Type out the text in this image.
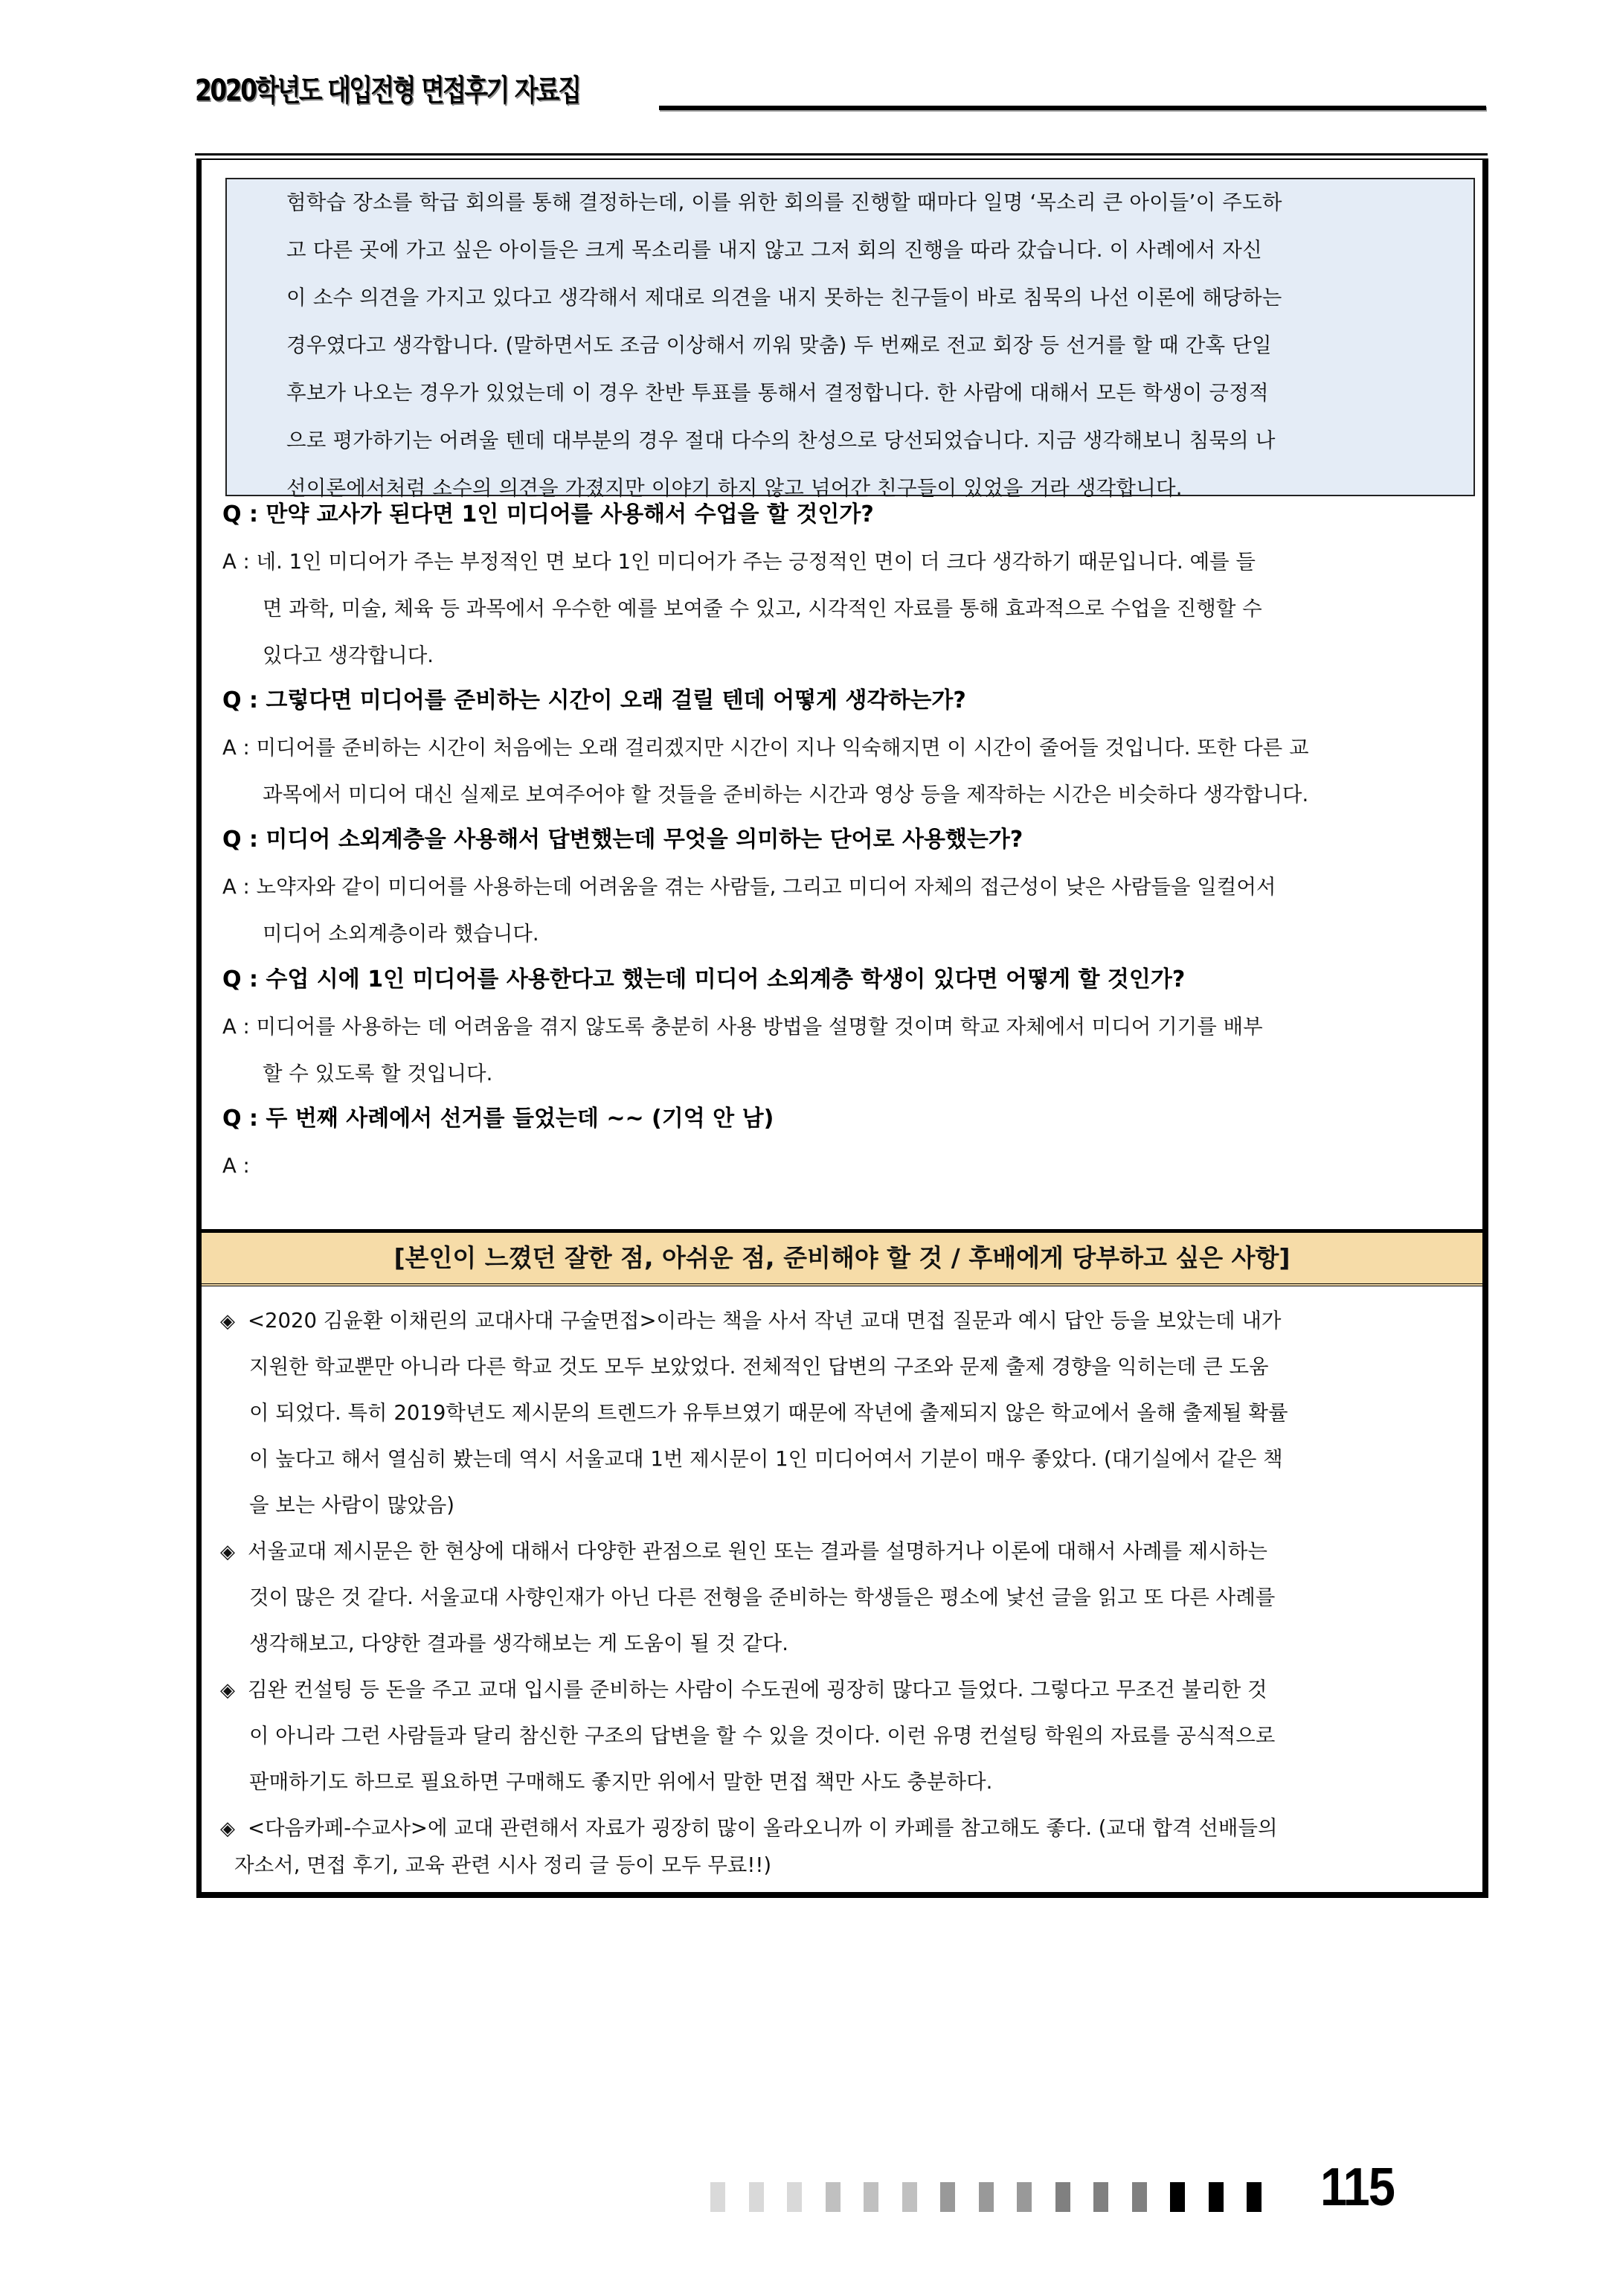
2020학년도 대입전형 면접후기 자료집
험학습 장소를 학급 회의를 통해 결정하는데, 이를 위한 회의를 진행할 때마다 일명 ‘목소리 큰 아이들’이 주도하
고 다른 곳에 가고 싶은 아이들은 크게 목소리를 내지 않고 그저 회의 진행을 따라 갔습니다. 이 사례에서 자신
이 소수 의견을 가지고 있다고 생각해서 제대로 의견을 내지 못하는 친구들이 바로 침묵의 나선 이론에 해당하는
경우였다고 생각합니다. (말하면서도 조금 이상해서 끼워 맞춤) 두 번째로 전교 회장 등 선거를 할 때 간혹 단일
후보가 나오는 경우가 있었는데 이 경우 찬반 투표를 통해서 결정합니다. 한 사람에 대해서 모든 학생이 긍정적
으로 평가하기는 어려울 텐데 대부분의 경우 절대 다수의 찬성으로 당선되었습니다. 지금 생각해보니 침묵의 나
선이론에서처럼 소수의 의견을 가졌지만 이야기 하지 않고 넘어간 친구들이 있었을 거라 생각합니다.
Q : 만약 교사가 된다면 1인 미디어를 사용해서 수업을 할 것인가?
A : 네. 1인 미디어가 주는 부정적인 면 보다 1인 미디어가 주는 긍정적인 면이 더 크다 생각하기 때문입니다. 예를 들
면 과학, 미술, 체육 등 과목에서 우수한 예를 보여줄 수 있고, 시각적인 자료를 통해 효과적으로 수업을 진행할 수
있다고 생각합니다.
Q : 그렇다면 미디어를 준비하는 시간이 오래 걸릴 텐데 어떻게 생각하는가?
A : 미디어를 준비하는 시간이 처음에는 오래 걸리겠지만 시간이 지나 익숙해지면 이 시간이 줄어들 것입니다. 또한 다른 교
과목에서 미디어 대신 실제로 보여주어야 할 것들을 준비하는 시간과 영상 등을 제작하는 시간은 비슷하다 생각합니다.
Q : 미디어 소외계층을 사용해서 답변했는데 무엇을 의미하는 단어로 사용했는가?
A : 노약자와 같이 미디어를 사용하는데 어려움을 겪는 사람들, 그리고 미디어 자체의 접근성이 낮은 사람들을 일컬어서
미디어 소외계층이라 했습니다.
Q : 수업 시에 1인 미디어를 사용한다고 했는데 미디어 소외계층 학생이 있다면 어떻게 할 것인가?
A : 미디어를 사용하는 데 어려움을 겪지 않도록 충분히 사용 방법을 설명할 것이며 학교 자체에서 미디어 기기를 배부
할 수 있도록 할 것입니다.
Q : 두 번째 사례에서 선거를 들었는데 ~~ (기억 안 남)
A :
[본인이 느꼈던 잘한 점, 아쉬운 점, 준비해야 할 것 / 후배에게 당부하고 싶은 사항]
◈ <2020 김윤환 이채린의 교대사대 구술면접>이라는 책을 사서 작년 교대 면접 질문과 예시 답안 등을 보았는데 내가
지원한 학교뿐만 아니라 다른 학교 것도 모두 보았었다. 전체적인 답변의 구조와 문제 출제 경향을 익히는데 큰 도움
이 되었다. 특히 2019학년도 제시문의 트렌드가 유투브였기 때문에 작년에 출제되지 않은 학교에서 올해 출제될 확률
이 높다고 해서 열심히 봤는데 역시 서울교대 1번 제시문이 1인 미디어여서 기분이 매우 좋았다. (대기실에서 같은 책
을 보는 사람이 많았음)
◈ 서울교대 제시문은 한 현상에 대해서 다양한 관점으로 원인 또는 결과를 설명하거나 이론에 대해서 사례를 제시하는
것이 많은 것 같다. 서울교대 사향인재가 아닌 다른 전형을 준비하는 학생들은 평소에 낯선 글을 읽고 또 다른 사례를
생각해보고, 다양한 결과를 생각해보는 게 도움이 될 것 같다.
◈ 김완 컨설팅 등 돈을 주고 교대 입시를 준비하는 사람이 수도권에 굉장히 많다고 들었다. 그렇다고 무조건 불리한 것
이 아니라 그런 사람들과 달리 참신한 구조의 답변을 할 수 있을 것이다. 이런 유명 컨설팅 학원의 자료를 공식적으로
판매하기도 하므로 필요하면 구매해도 좋지만 위에서 말한 면접 책만 사도 충분하다.
◈ <다음카페-수교사>에 교대 관련해서 자료가 굉장히 많이 올라오니까 이 카페를 참고해도 좋다. (교대 합격 선배들의
자소서, 면접 후기, 교육 관련 시사 정리 글 등이 모두 무료!!)
115
